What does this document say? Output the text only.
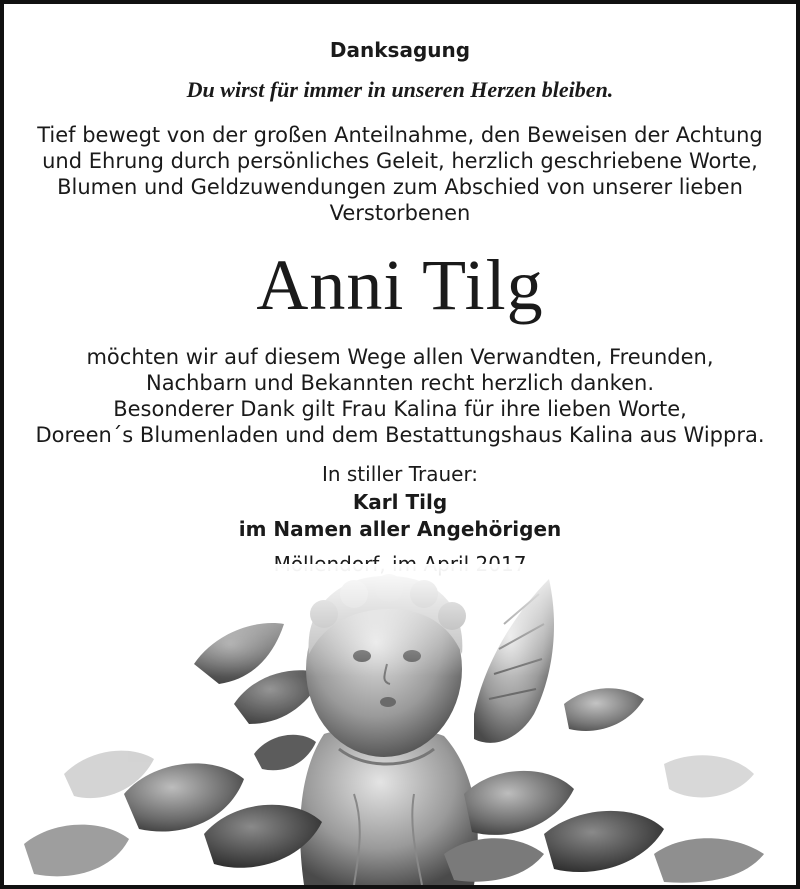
Danksagung
Du wirst für immer in unseren Herzen bleiben.
Tief bewegt von der großen Anteilnahme, den Beweisen der Achtung
und Ehrung durch persönliches Geleit, herzlich geschriebene Worte,
Blumen und Geldzuwendungen zum Abschied von unserer lieben
Verstorbenen
Anni Tilg
möchten wir auf diesem Wege allen Verwandten, Freunden,
Nachbarn und Bekannten recht herzlich danken.
Besonderer Dank gilt Frau Kalina für ihre lieben Worte,
Doreen´s Blumenladen und dem Bestattungshaus Kalina aus Wippra.
In stiller Trauer:
Karl Tilg
im Namen aller Angehörigen
